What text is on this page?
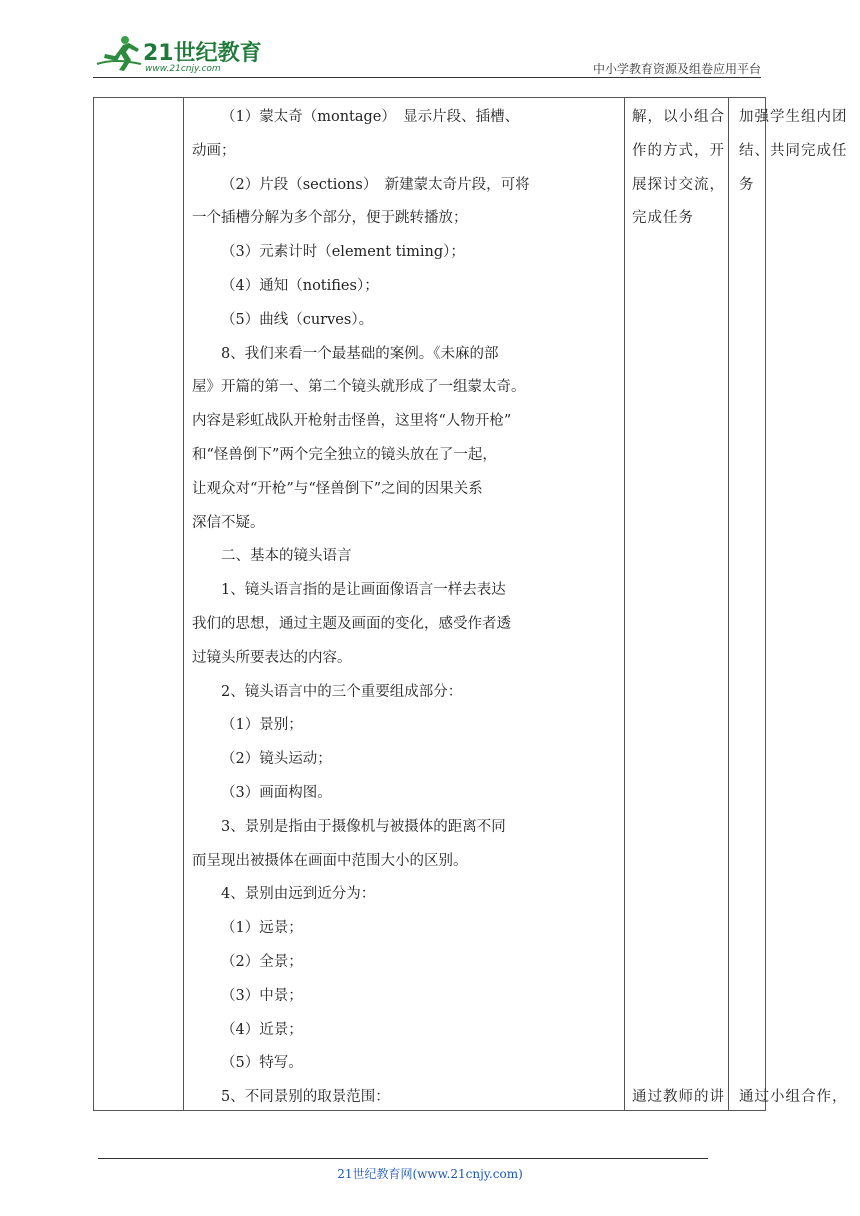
21世纪教育
www.21cnjy.com	中小学教育资源及组卷应用平台

（1）蒙太奇（montage）　显示片段、插槽、

动画；

（2）片段（sections）　新建蒙太奇片段，可将

一个插槽分解为多个部分，便于跳转播放；

（3）元素计时（element timing）；

（4）通知（notifies）；

（5）曲线（curves）。

8、我们来看一个最基础的案例。《未麻的部

屋》开篇的第一、第二个镜头就形成了一组蒙太奇。

内容是彩虹战队开枪射击怪兽，这里将“人物开枪”

和“怪兽倒下”两个完全独立的镜头放在了一起，

让观众对“开枪”与“怪兽倒下”之间的因果关系

深信不疑。

二、基本的镜头语言

1、镜头语言指的是让画面像语言一样去表达

我们的思想，通过主题及画面的变化，感受作者透

过镜头所要表达的内容。

2、镜头语言中的三个重要组成部分：

（1）景别；

（2）镜头运动；

（3）画面构图。

3、景别是指由于摄像机与被摄体的距离不同

而呈现出被摄体在画面中范围大小的区别。

4、景别由远到近分为：

（1）远景；

（2）全景；

（3）中景；

（4）近景；

（5）特写。

5、不同景别的取景范围：

解，以小组合

作的方式，开

展探讨交流，

完成任务

通过教师的讲

加强学生组内团

结、共同完成任

务

通过小组合作，

21世纪教育网(www.21cnjy.com)
